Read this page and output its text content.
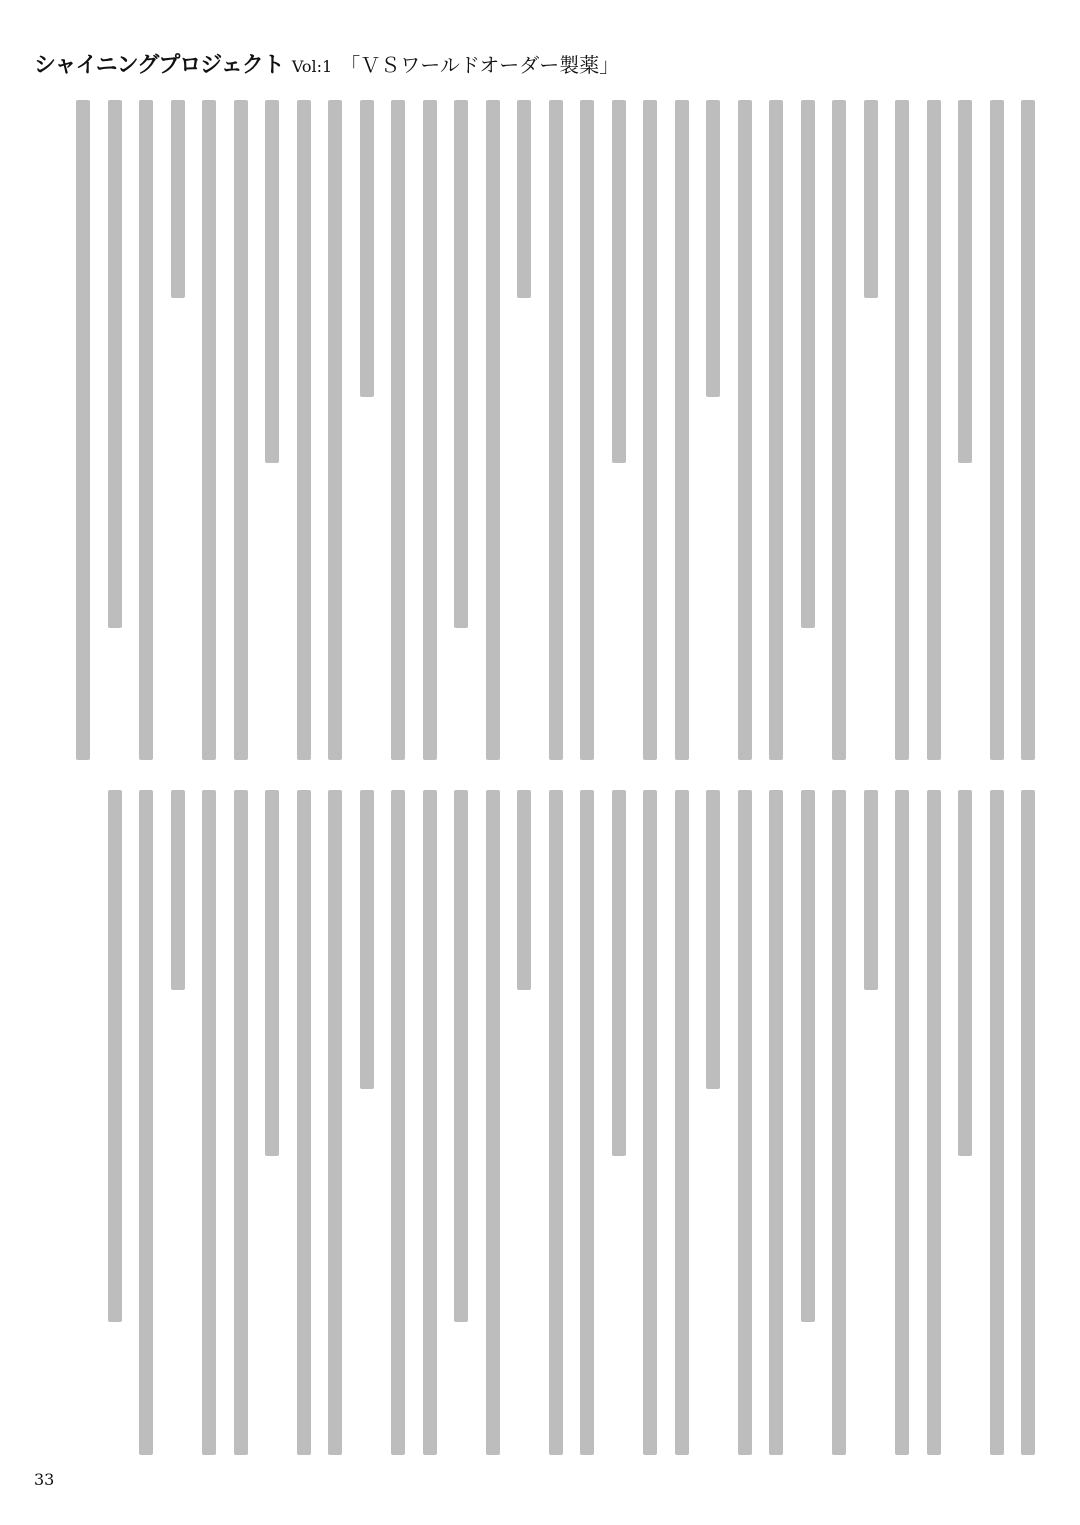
シャイニングプロジェクト Vol:1 「ＶＳワールドオーダー製薬」
33
